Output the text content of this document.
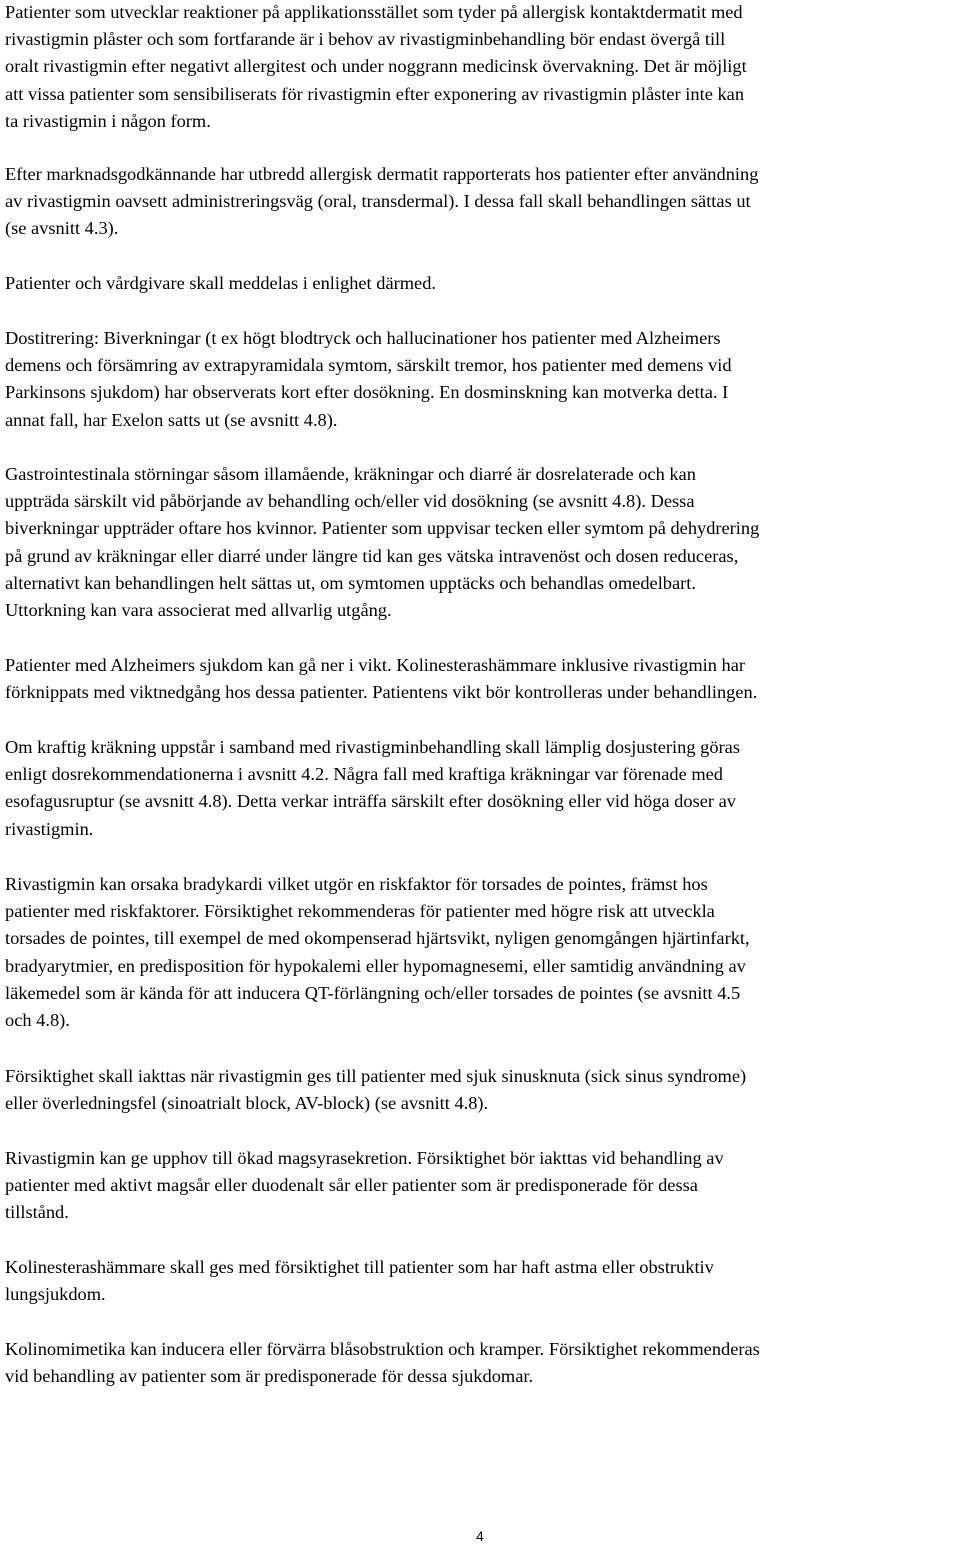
Patienter som utvecklar reaktioner på applikationsstället som tyder på allergisk kontaktdermatit med
rivastigmin plåster och som fortfarande är i behov av rivastigminbehandling bör endast övergå till
oralt rivastigmin efter negativt allergitest och under noggrann medicinsk övervakning. Det är möjligt
att vissa patienter som sensibiliserats för rivastigmin efter exponering av rivastigmin plåster inte kan
ta rivastigmin i någon form.
Efter marknadsgodkännande har utbredd allergisk dermatit rapporterats hos patienter efter användning
av rivastigmin oavsett administreringsväg (oral, transdermal). I dessa fall skall behandlingen sättas ut
(se avsnitt 4.3).
Patienter och vårdgivare skall meddelas i enlighet därmed.
Dostitrering: Biverkningar (t ex högt blodtryck och hallucinationer hos patienter med Alzheimers
demens och försämring av extrapyramidala symtom, särskilt tremor, hos patienter med demens vid
Parkinsons sjukdom) har observerats kort efter dosökning. En dosminskning kan motverka detta. I
annat fall, har Exelon satts ut (se avsnitt 4.8).
Gastrointestinala störningar såsom illamående, kräkningar och diarré är dosrelaterade och kan
uppträda särskilt vid påbörjande av behandling och/eller vid dosökning (se avsnitt 4.8). Dessa
biverkningar uppträder oftare hos kvinnor. Patienter som uppvisar tecken eller symtom på dehydrering
på grund av kräkningar eller diarré under längre tid kan ges vätska intravenöst och dosen reduceras,
alternativt kan behandlingen helt sättas ut, om symtomen upptäcks och behandlas omedelbart.
Uttorkning kan vara associerat med allvarlig utgång.
Patienter med Alzheimers sjukdom kan gå ner i vikt. Kolinesterashämmare inklusive rivastigmin har
förknippats med viktnedgång hos dessa patienter. Patientens vikt bör kontrolleras under behandlingen.
Om kraftig kräkning uppstår i samband med rivastigminbehandling skall lämplig dosjustering göras
enligt dosrekommendationerna i avsnitt 4.2. Några fall med kraftiga kräkningar var förenade med
esofagusruptur (se avsnitt 4.8). Detta verkar inträffa särskilt efter dosökning eller vid höga doser av
rivastigmin.
Rivastigmin kan orsaka bradykardi vilket utgör en riskfaktor för torsades de pointes, främst hos
patienter med riskfaktorer. Försiktighet rekommenderas för patienter med högre risk att utveckla
torsades de pointes, till exempel de med okompenserad hjärtsvikt, nyligen genomgången hjärtinfarkt,
bradyarytmier, en predisposition för hypokalemi eller hypomagnesemi, eller samtidig användning av
läkemedel som är kända för att inducera QT-förlängning och/eller torsades de pointes (se avsnitt 4.5
och 4.8).
Försiktighet skall iakttas när rivastigmin ges till patienter med sjuk sinusknuta (sick sinus syndrome)
eller överledningsfel (sinoatrialt block, AV-block) (se avsnitt 4.8).
Rivastigmin kan ge upphov till ökad magsyrasekretion. Försiktighet bör iakttas vid behandling av
patienter med aktivt magsår eller duodenalt sår eller patienter som är predisponerade för dessa
tillstånd.
Kolinesterashämmare skall ges med försiktighet till patienter som har haft astma eller obstruktiv
lungsjukdom.
Kolinomimetika kan inducera eller förvärra blåsobstruktion och kramper. Försiktighet rekommenderas
vid behandling av patienter som är predisponerade för dessa sjukdomar.
4
